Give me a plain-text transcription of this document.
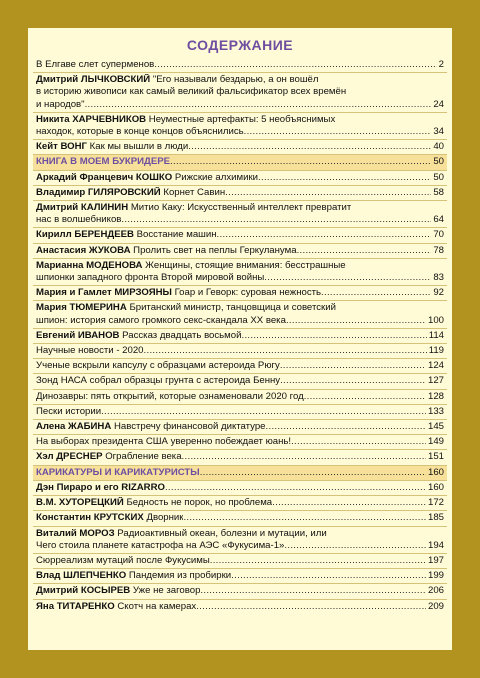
СОДЕРЖАНИЕ
В Елгаве слет суперменов .....	2
Дмитрий ЛЫЧКОВСКИЙ "Его называли бездарью, а он вошёл
в историю живописи как самый великий фальсификатор всех времён
и народов" .....	24
Никита ХАРЧЕВНИКОВ Неуместные артефакты: 5 необъяснимых
находок, которые в конце концов объяснились .....	34
Кейт ВОНГ Как мы вышли в люди .....	40
КНИГА В МОЕМ БУКРИДЕРЕ .....	50
Аркадий Францевич КОШКО Рижские алхимики .....	50
Владимир ГИЛЯРОВСКИЙ Корнет Савин .....	58
Дмитрий КАЛИНИН Митио Каку: Искусственный интеллект превратит
нас в волшебников .....	64
Кирилл БЕРЕНДЕЕВ Восстание машин .....	70
Анастасия ЖУКОВА Пролить свет на пеплы Геркуланума .....	78
Марианна МОДЕНОВА Женщины, стоящие внимания: бесстрашные
шпионки западного фронта Второй мировой войны .....	83
Мария и Гамлет МИРЗОЯНЫ Гоар и Геворк: суровая нежность .....	92
Мария ТЮМЕРИНА Британский министр, танцовщица и советский
шпион: история самого громкого секс-скандала XX века .....	100
Евгений ИВАНОВ Рассказ двадцать восьмой .....	114
Научные новости - 2020 .....	119
Ученые вскрыли капсулу с образцами астероида Рюгу .....	124
Зонд НАСА собрал образцы грунта с астероида Бенну .....	127
Динозавры: пять открытий, которые ознаменовали 2020 год .....	128
Пески истории .....	133
Алена ЖАБИНА Навстречу финансовой диктатуре .....	145
На выборах президента США уверенно побеждает юань! .....	149
Хэл ДРЕСНЕР Ограбление века .....	151
КАРИКАТУРЫ И КАРИКАТУРИСТЫ .....	160
Дэн Пираро и его RIZARRO .....	160
В.М. ХУТОРЕЦКИЙ Бедность не порок, но проблема .....	172
Константин КРУТСКИХ Дворник .....	185
Виталий МОРОЗ Радиоактивный океан, болезни и мутации, или
Чего стоила планете катастрофа на АЭС «Фукусима-1» .....	194
Сюрреализм мутаций после Фукусимы .....	197
Влад ШЛЕПЧЕНКО Пандемия из пробирки .....	199
Дмитрий КОСЫРЕВ Уже не заговор .....	206
Яна ТИТАРЕНКО Скотч на камерах .....	209
